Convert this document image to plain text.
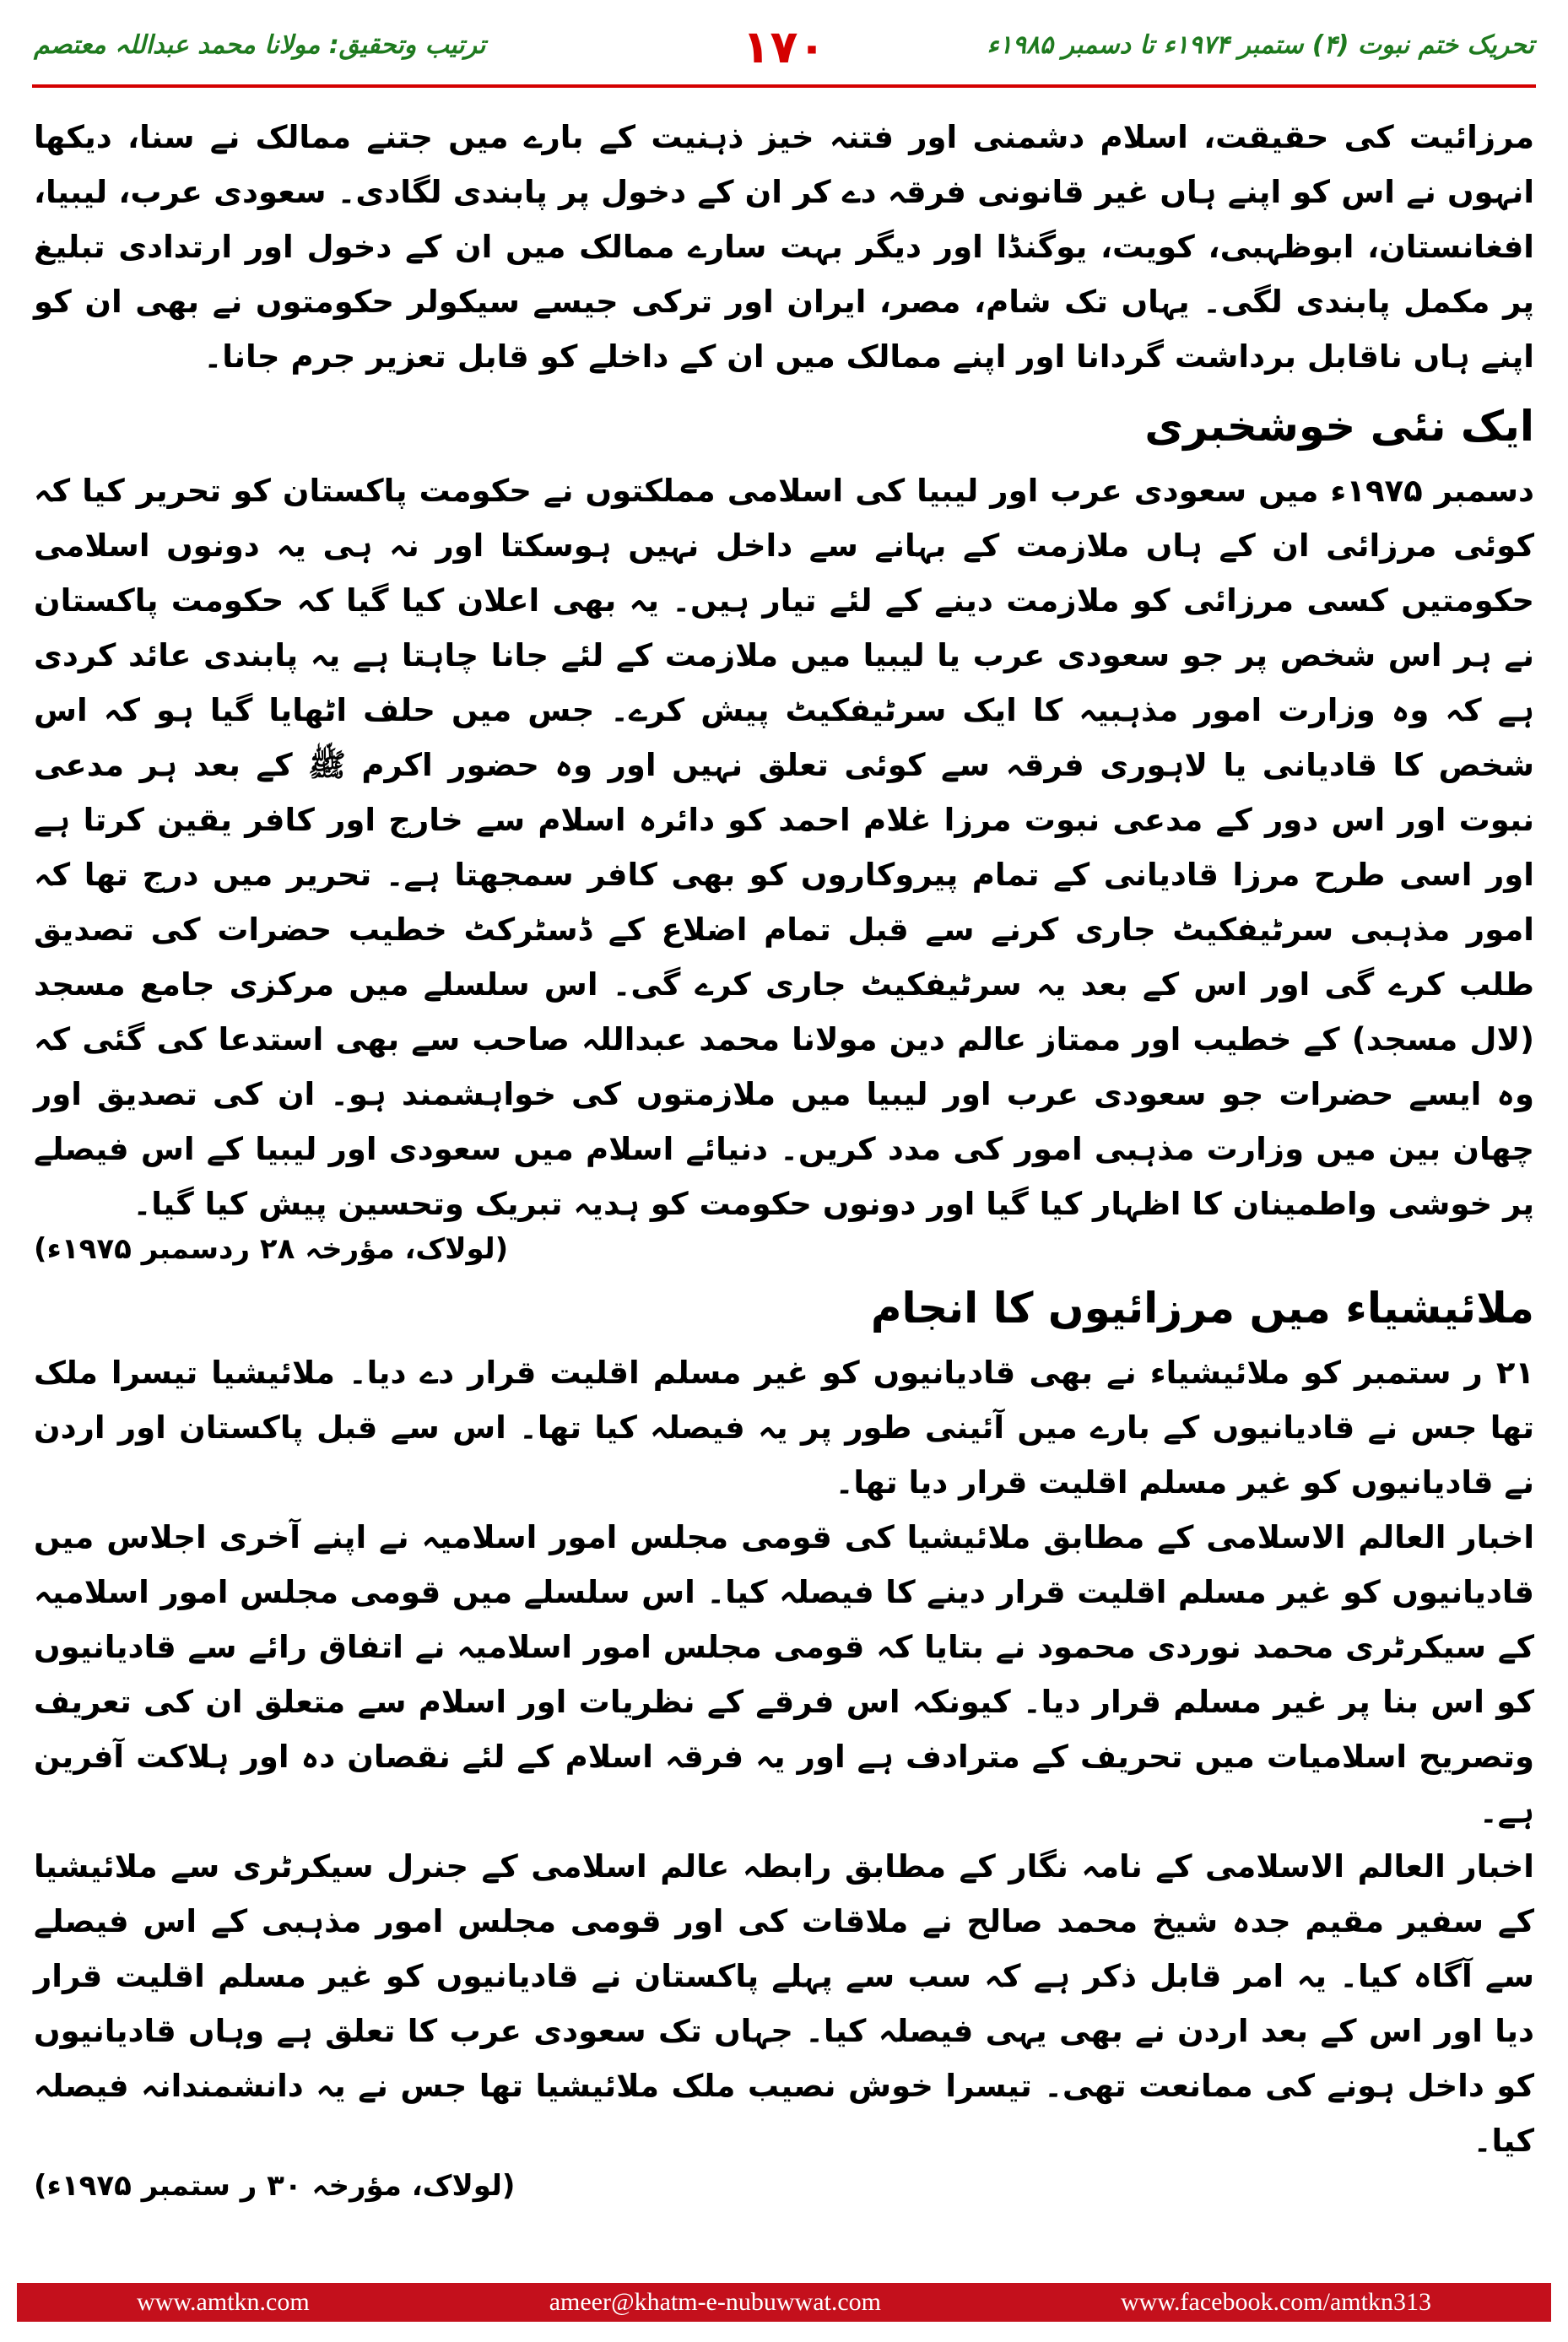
تحریک ختم نبوت (۴) ستمبر ۱۹۷۴ء تا دسمبر ۱۹۸۵ء
۱۷۰
ترتیب وتحقیق: مولانا محمد عبداللہ معتصم

مرزائیت کی حقیقت، اسلام دشمنی اور فتنہ خیز ذہنیت کے بارے میں جتنے ممالک نے سنا، دیکھا انہوں نے اس کو اپنے ہاں غیر قانونی فرقہ دے کر ان کے دخول پر پابندی لگادی۔ سعودی عرب، لیبیا، افغانستان، ابوظہبی، کویت، یوگنڈا اور دیگر بہت سارے ممالک میں ان کے دخول اور ارتدادی تبلیغ پر مکمل پابندی لگی۔ یہاں تک شام، مصر، ایران اور ترکی جیسے سیکولر حکومتوں نے بھی ان کو اپنے ہاں ناقابل برداشت گردانا اور اپنے ممالک میں ان کے داخلے کو قابل تعزیر جرم جانا۔

ایک نئی خوشخبری

دسمبر ۱۹۷۵ء میں سعودی عرب اور لیبیا کی اسلامی مملکتوں نے حکومت پاکستان کو تحریر کیا کہ کوئی مرزائی ان کے ہاں ملازمت کے بہانے سے داخل نہیں ہوسکتا اور نہ ہی یہ دونوں اسلامی حکومتیں کسی مرزائی کو ملازمت دینے کے لئے تیار ہیں۔ یہ بھی اعلان کیا گیا کہ حکومت پاکستان نے ہر اس شخص پر جو سعودی عرب یا لیبیا میں ملازمت کے لئے جانا چاہتا ہے یہ پابندی عائد کردی ہے کہ وہ وزارت امور مذہبیہ کا ایک سرٹیفکیٹ پیش کرے۔ جس میں حلف اٹھایا گیا ہو کہ اس شخص کا قادیانی یا لاہوری فرقہ سے کوئی تعلق نہیں اور وہ حضور اکرم ﷺ کے بعد ہر مدعی نبوت اور اس دور کے مدعی نبوت مرزا غلام احمد کو دائرہ اسلام سے خارج اور کافر یقین کرتا ہے اور اسی طرح مرزا قادیانی کے تمام پیروکاروں کو بھی کافر سمجھتا ہے۔ تحریر میں درج تھا کہ امور مذہبی سرٹیفکیٹ جاری کرنے سے قبل تمام اضلاع کے ڈسٹرکٹ خطیب حضرات کی تصدیق طلب کرے گی اور اس کے بعد یہ سرٹیفکیٹ جاری کرے گی۔ اس سلسلے میں مرکزی جامع مسجد (لال مسجد) کے خطیب اور ممتاز عالم دین مولانا محمد عبداللہ صاحب سے بھی استدعا کی گئی کہ وہ ایسے حضرات جو سعودی عرب اور لیبیا میں ملازمتوں کی خواہشمند ہو۔ ان کی تصدیق اور چھان بین میں وزارت مذہبی امور کی مدد کریں۔ دنیائے اسلام میں سعودی اور لیبیا کے اس فیصلے پر خوشی واطمینان کا اظہار کیا گیا اور دونوں حکومت کو ہدیہ تبریک وتحسین پیش کیا گیا۔

(لولاک، مؤرخہ ۲۸ ردسمبر ۱۹۷۵ء)
ملائیشیاء میں مرزائیوں کا انجام

۲۱ ر ستمبر کو ملائیشیاء نے بھی قادیانیوں کو غیر مسلم اقلیت قرار دے دیا۔ ملائیشیا تیسرا ملک تھا جس نے قادیانیوں کے بارے میں آئینی طور پر یہ فیصلہ کیا تھا۔ اس سے قبل پاکستان اور اردن نے قادیانیوں کو غیر مسلم اقلیت قرار دیا تھا۔

اخبار العالم الاسلامی کے مطابق ملائیشیا کی قومی مجلس امور اسلامیہ نے اپنے آخری اجلاس میں قادیانیوں کو غیر مسلم اقلیت قرار دینے کا فیصلہ کیا۔ اس سلسلے میں قومی مجلس امور اسلامیہ کے سیکرٹری محمد نوردی محمود نے بتایا کہ قومی مجلس امور اسلامیہ نے اتفاق رائے سے قادیانیوں کو اس بنا پر غیر مسلم قرار دیا۔ کیونکہ اس فرقے کے نظریات اور اسلام سے متعلق ان کی تعریف وتصریح اسلامیات میں تحریف کے مترادف ہے اور یہ فرقہ اسلام کے لئے نقصان دہ اور ہلاکت آفرین ہے۔

اخبار العالم الاسلامی کے نامہ نگار کے مطابق رابطہ عالم اسلامی کے جنرل سیکرٹری سے ملائیشیا کے سفیر مقیم جدہ شیخ محمد صالح نے ملاقات کی اور قومی مجلس امور مذہبی کے اس فیصلے سے آگاہ کیا۔ یہ امر قابل ذکر ہے کہ سب سے پہلے پاکستان نے قادیانیوں کو غیر مسلم اقلیت قرار دیا اور اس کے بعد اردن نے بھی یہی فیصلہ کیا۔ جہاں تک سعودی عرب کا تعلق ہے وہاں قادیانیوں کو داخل ہونے کی ممانعت تھی۔ تیسرا خوش نصیب ملک ملائیشیا تھا جس نے یہ دانشمندانہ فیصلہ کیا۔

(لولاک، مؤرخہ ۳۰ ر ستمبر ۱۹۷۵ء)
www.amtkn.com	ameer@khatm-e-nubuwwat.com	www.facebook.com/amtkn313
